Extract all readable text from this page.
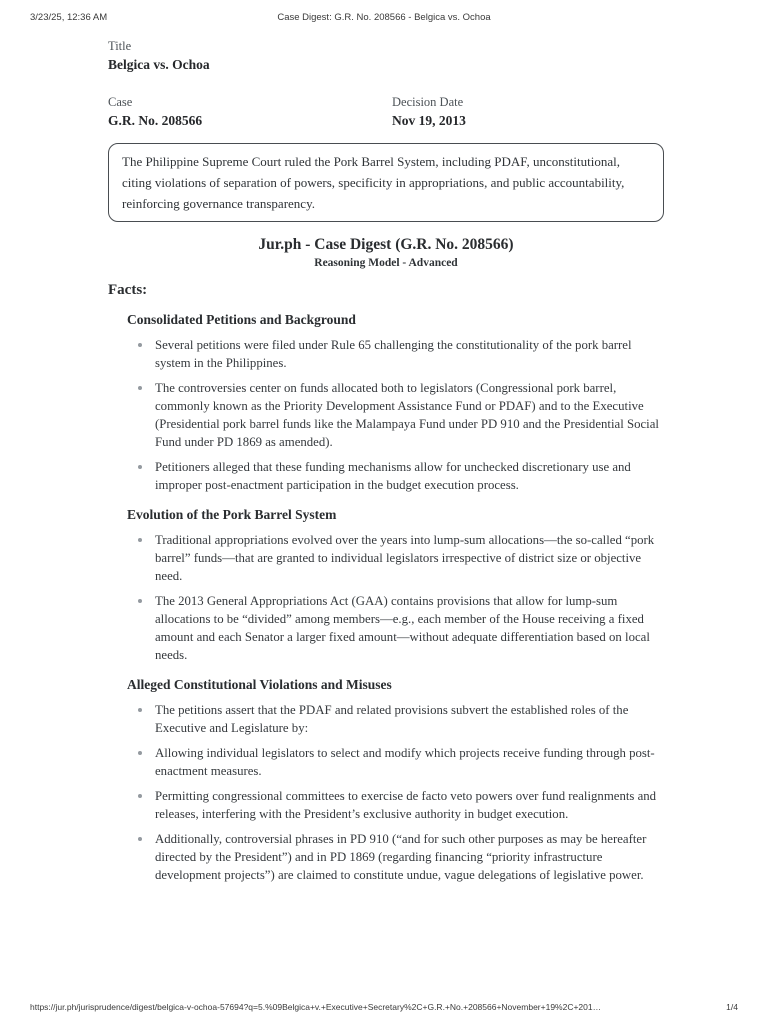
3/23/25, 12:36 AM	Case Digest: G.R. No. 208566 - Belgica vs. Ochoa
Title
Belgica vs. Ochoa
Case
G.R. No. 208566
Decision Date
Nov 19, 2013
The Philippine Supreme Court ruled the Pork Barrel System, including PDAF, unconstitutional, citing violations of separation of powers, specificity in appropriations, and public accountability, reinforcing governance transparency.
Jur.ph - Case Digest (G.R. No. 208566)
Reasoning Model - Advanced
Facts:
Consolidated Petitions and Background
Several petitions were filed under Rule 65 challenging the constitutionality of the pork barrel system in the Philippines.
The controversies center on funds allocated both to legislators (Congressional pork barrel, commonly known as the Priority Development Assistance Fund or PDAF) and to the Executive (Presidential pork barrel funds like the Malampaya Fund under PD 910 and the Presidential Social Fund under PD 1869 as amended).
Petitioners alleged that these funding mechanisms allow for unchecked discretionary use and improper post-enactment participation in the budget execution process.
Evolution of the Pork Barrel System
Traditional appropriations evolved over the years into lump-sum allocations—the so-called “pork barrel” funds—that are granted to individual legislators irrespective of district size or objective need.
The 2013 General Appropriations Act (GAA) contains provisions that allow for lump-sum allocations to be “divided” among members—e.g., each member of the House receiving a fixed amount and each Senator a larger fixed amount—without adequate differentiation based on local needs.
Alleged Constitutional Violations and Misuses
The petitions assert that the PDAF and related provisions subvert the established roles of the Executive and Legislature by:
Allowing individual legislators to select and modify which projects receive funding through post-enactment measures.
Permitting congressional committees to exercise de facto veto powers over fund realignments and releases, interfering with the President’s exclusive authority in budget execution.
Additionally, controversial phrases in PD 910 (“and for such other purposes as may be hereafter directed by the President”) and in PD 1869 (regarding financing “priority infrastructure development projects”) are claimed to constitute undue, vague delegations of legislative power.
https://jur.ph/jurisprudence/digest/belgica-v-ochoa-57694?q=5.%09Belgica+v.+Executive+Secretary%2C+G.R.+No.+208566+November+19%2C+201…	1/4
